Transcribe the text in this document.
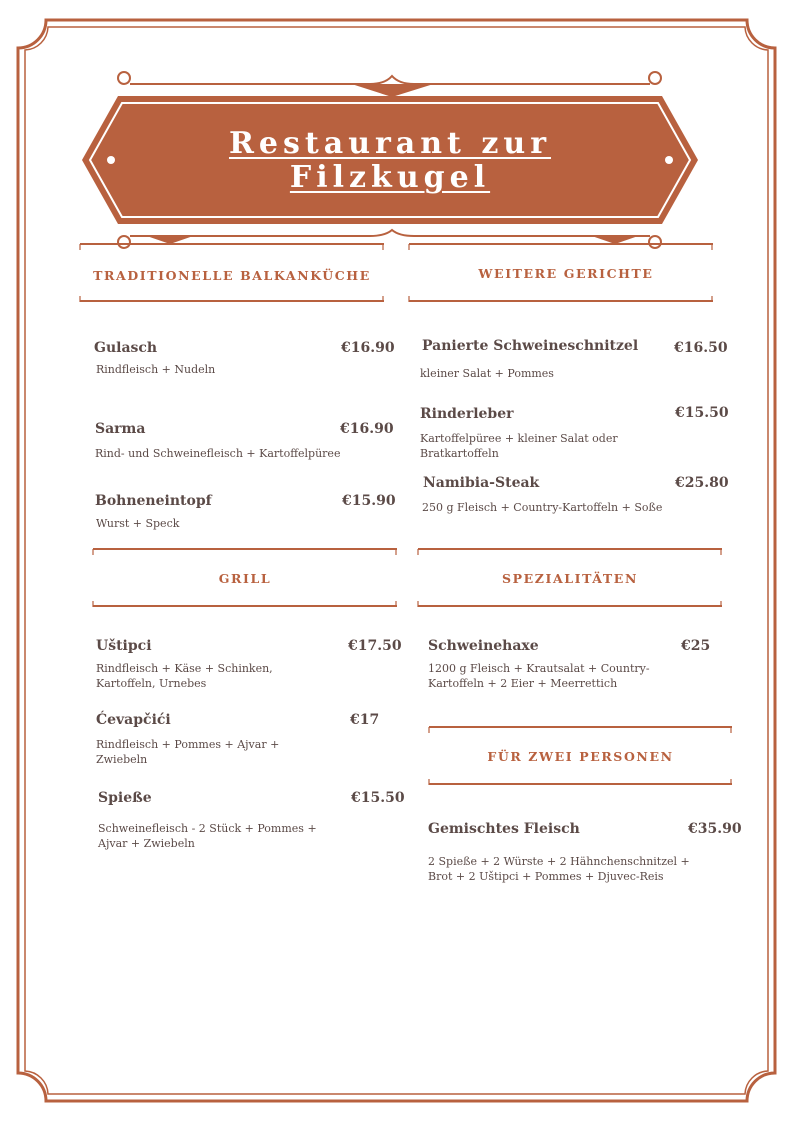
Restaurant zur
Filzkugel
TRADITIONELLE BALKANKÜCHE
Gulasch	€16.90
Rindfleisch + Nudeln
Sarma	€16.90
Rind- und Schweinefleisch + Kartoffelpüree
Bohneneintopf	€15.90
Wurst + Speck
WEITERE GERICHTE
Panierte Schweineschnitzel	€16.50
kleiner Salat + Pommes
Rinderleber	€15.50
Kartoffelpüree + kleiner Salat oder Bratkartoffeln
Namibia-Steak	€25.80
250 g Fleisch + Country-Kartoffeln + Soße
GRILL
Uštipci	€17.50
Rindfleisch + Käse + Schinken, Kartoffeln, Urnebes
Ćevapčići	€17
Rindfleisch + Pommes + Ajvar + Zwiebeln
Spieße	€15.50
Schweinefleisch - 2 Stück + Pommes + Ajvar + Zwiebeln
SPEZIALITÄTEN
Schweinehaxe	€25
1200 g Fleisch + Krautsalat + Country-Kartoffeln + 2 Eier + Meerrettich
FÜR ZWEI PERSONEN
Gemischtes Fleisch	€35.90
2 Spieße + 2 Würste + 2 Hähnchenschnitzel + Brot + 2 Uštipci + Pommes + Djuvec-Reis
